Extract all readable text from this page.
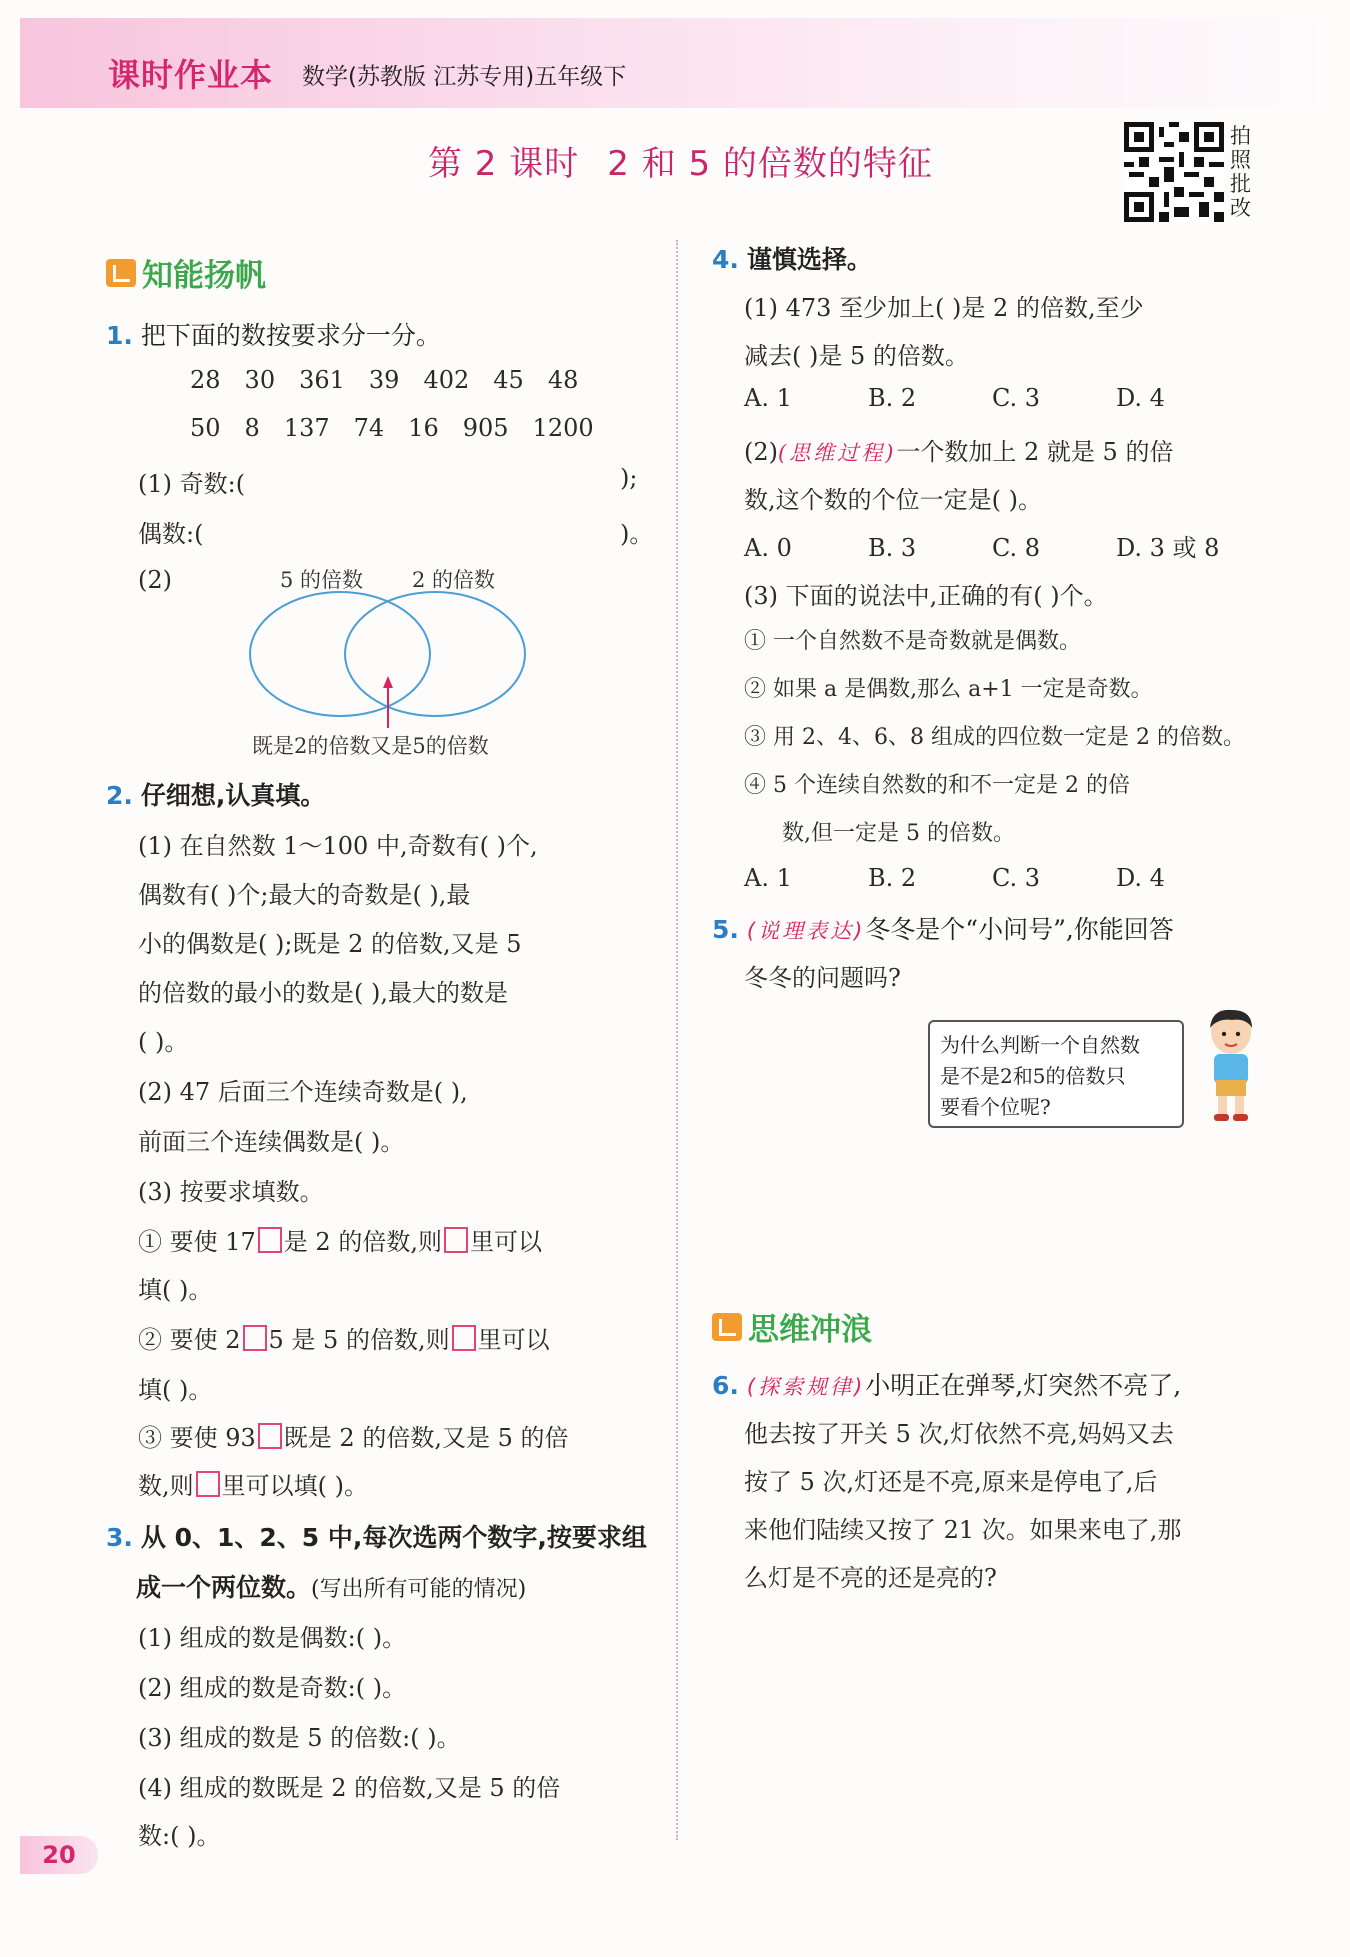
课时作业本 数学(苏教版 江苏专用)五年级下
第 2 课时 2 和 5 的倍数的特征
拍照批改
知能扬帆
1. 把下面的数按要求分一分。
28 30 361 39 402 45 48
50 8 137 74 16 905 1200
(1) 奇数:(	);
偶数:(	)。
(2)	5 的倍数 2 的倍数
既是2的倍数又是5的倍数
2. 仔细想,认真填。
(1) 在自然数 1～100 中,奇数有( )个,
偶数有( )个;最大的奇数是( ),最
小的偶数是( );既是 2 的倍数,又是 5
的倍数的最小的数是( ),最大的数是
( )。
(2) 47 后面三个连续奇数是( ),
前面三个连续偶数是( )。
(3) 按要求填数。
① 要使 17 是 2 的倍数,则 里可以
填( )。
② 要使 2 5 是 5 的倍数,则 里可以
填( )。
③ 要使 93 既是 2 的倍数,又是 5 的倍
数,则 里可以填( )。
3. 从 0、1、2、5 中,每次选两个数字,按要求组
成一个两位数。(写出所有可能的情况)
(1) 组成的数是偶数:( )。
(2) 组成的数是奇数:( )。
(3) 组成的数是 5 的倍数:( )。
(4) 组成的数既是 2 的倍数,又是 5 的倍
数:( )。
4. 谨慎选择。
(1) 473 至少加上( )是 2 的倍数,至少
减去( )是 5 的倍数。
A. 1	B. 2	C. 3	D. 4
(2)(思维过程)一个数加上 2 就是 5 的倍
数,这个数的个位一定是( )。
A. 0	B. 3	C. 8	D. 3 或 8
(3) 下面的说法中,正确的有( )个。
① 一个自然数不是奇数就是偶数。
② 如果 a 是偶数,那么 a+1 一定是奇数。
③ 用 2、4、6、8 组成的四位数一定是 2 的倍数。
④ 5 个连续自然数的和不一定是 2 的倍
数,但一定是 5 的倍数。
A. 1	B. 2	C. 3	D. 4
5. (说理表达)冬冬是个“小问号”,你能回答
冬冬的问题吗?
为什么判断一个自然数
是不是2和5的倍数只
要看个位呢?
思维冲浪
6. (探索规律)小明正在弹琴,灯突然不亮了,
他去按了开关 5 次,灯依然不亮,妈妈又去
按了 5 次,灯还是不亮,原来是停电了,后
来他们陆续又按了 21 次。如果来电了,那
么灯是不亮的还是亮的?
20
